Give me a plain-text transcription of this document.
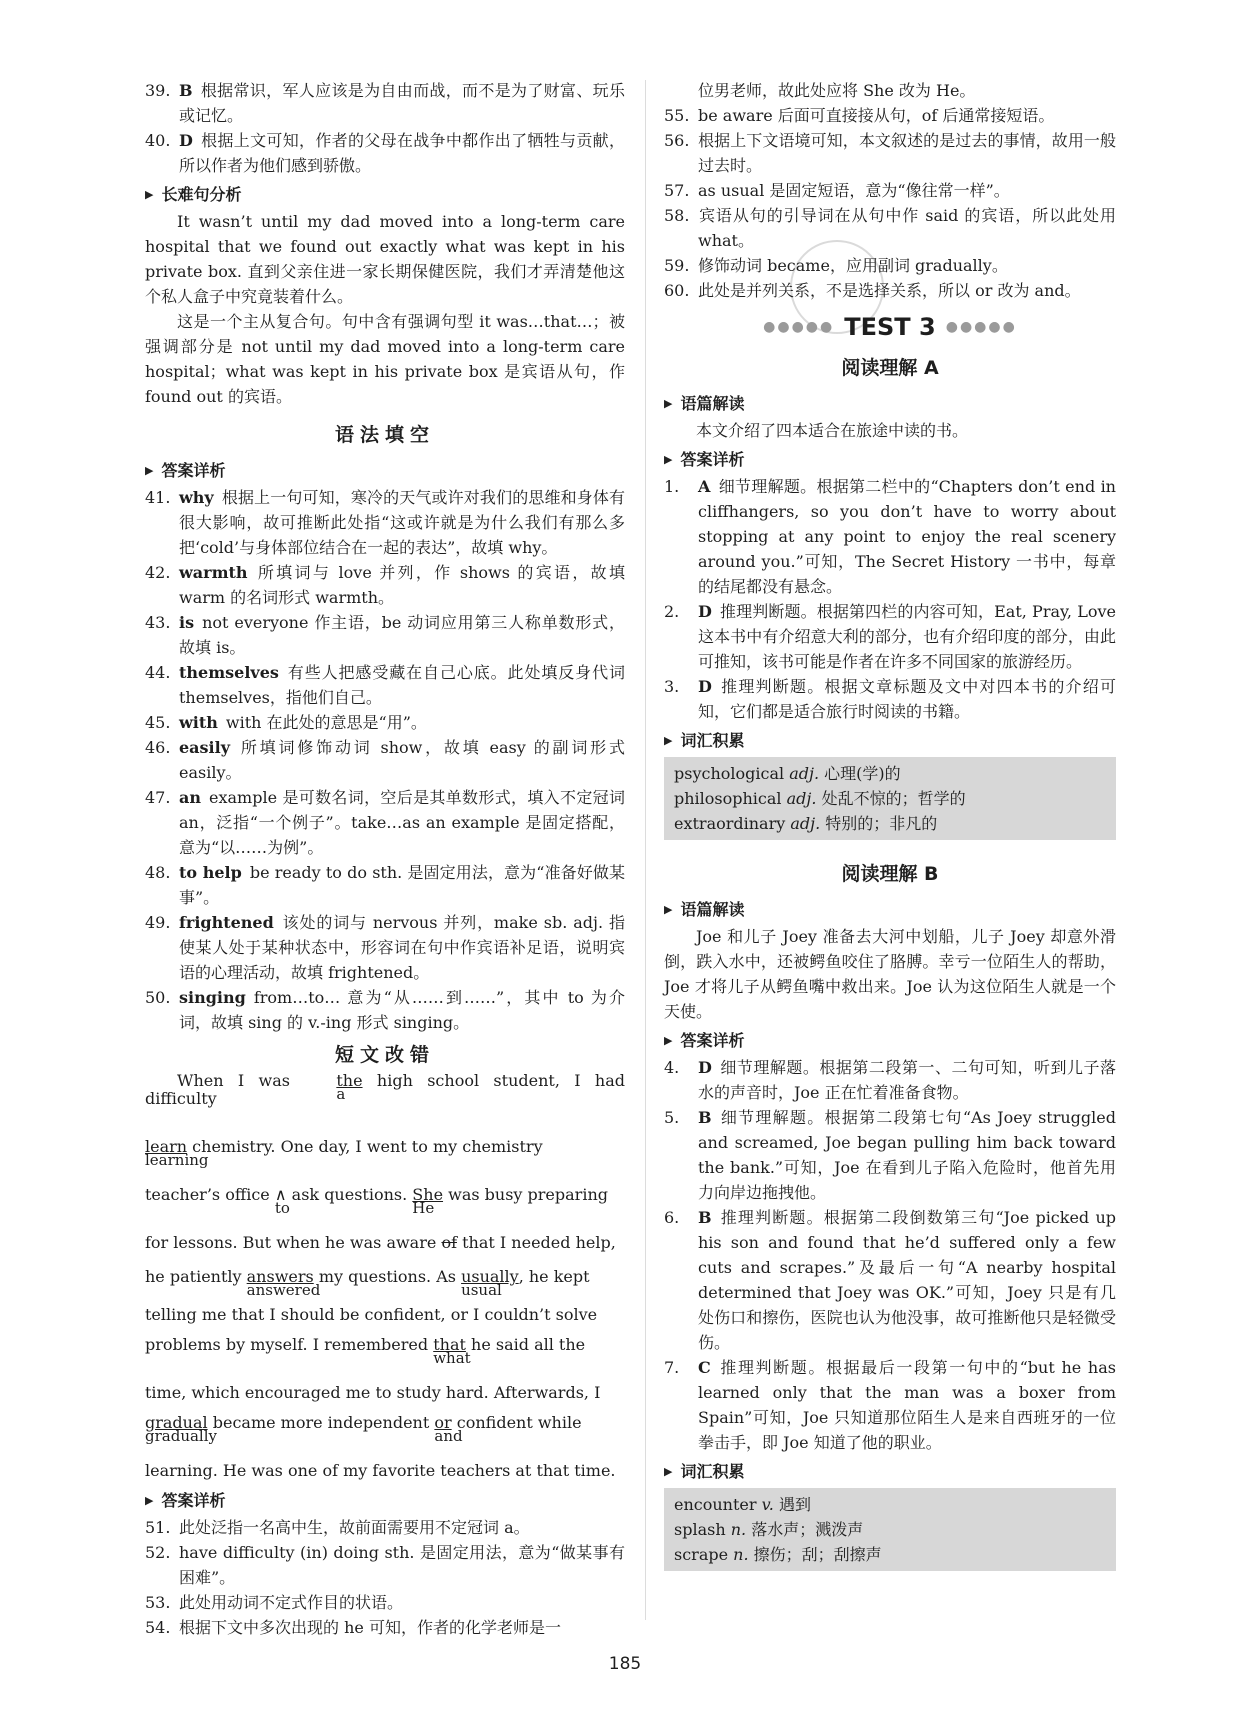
39. B 根据常识，军人应该是为自由而战，而不是为了财富、玩乐或记忆。

40. D 根据上文可知，作者的父母在战争中都作出了牺牲与贡献，所以作者为他们感到骄傲。

▶ 长难句分析

It wasn’t until my dad moved into a long-term care hospital that we found out exactly what was kept in his private box. 直到父亲住进一家长期保健医院，我们才弄清楚他这个私人盒子中究竟装着什么。

这是一个主从复合句。句中含有强调句型 it was…that…；被强调部分是 not until my dad moved into a long-term care hospital；what was kept in his private box 是宾语从句，作 found out 的宾语。

语法填空
▶ 答案详析

41. why 根据上一句可知，寒冷的天气或许对我们的思维和身体有很大影响，故可推断此处指“这或许就是为什么我们有那么多把‘cold’与身体部位结合在一起的表达”，故填 why。

42. warmth 所填词与 love 并列，作 shows 的宾语，故填 warm 的名词形式 warmth。

43. is not everyone 作主语，be 动词应用第三人称单数形式，故填 is。

44. themselves 有些人把感受藏在自己心底。此处填反身代词 themselves，指他们自己。

45. with with 在此处的意思是“用”。

46. easily 所填词修饰动词 show，故填 easy 的副词形式 easily。

47. an example 是可数名词，空后是其单数形式，填入不定冠词 an，泛指“一个例子”。take…as an example 是固定搭配，意为“以……为例”。

48. to help be ready to do sth. 是固定用法，意为“准备好做某事”。

49. frightened 该处的词与 nervous 并列，make sb. adj. 指使某人处于某种状态中，形容词在句中作宾语补足语，说明宾语的心理活动，故填 frightened。

50. singing from…to… 意为“从……到……”，其中 to 为介词，故填 sing 的 v.-ing 形式 singing。

短文改错
When I was	the
a
high school student, I had difficulty
learn
learning
chemistry. One day, I went to my chemistry
teacher’s office ∧
to
ask questions. She
He
was busy preparing
for lessons. But when he was aware of that I needed help,
he patiently answers
answered
my questions. As usually
usual
, he kept
telling me that I should be confident, or I couldn’t solve
problems by myself. I remembered that
what
he said all the
time, which encouraged me to study hard. Afterwards, I
gradual
gradually
became more independent or
and
confident while
learning. He was one of my favorite teachers at that time.
▶ 答案详析

51. 此处泛指一名高中生，故前面需要用不定冠词 a。

52. have difficulty (in) doing sth. 是固定用法，意为“做某事有困难”。

53. 此处用动词不定式作目的状语。

54. 根据下文中多次出现的 he 可知，作者的化学老师是一

位男老师，故此处应将 She 改为 He。

55. be aware 后面可直接接从句，of 后通常接短语。

56. 根据上下文语境可知，本文叙述的是过去的事情，故用一般过去时。

57. as usual 是固定短语，意为“像往常一样”。

58. 宾语从句的引导词在从句中作 said 的宾语，所以此处用 what。

59. 修饰动词 became，应用副词 gradually。

60. 此处是并列关系，不是选择关系，所以 or 改为 and。

●●●●● TEST 3 ●●●●●
阅读理解 A
▶ 语篇解读

本文介绍了四本适合在旅途中读的书。

▶ 答案详析

1. A 细节理解题。根据第二栏中的“Chapters don’t end in cliffhangers, so you don’t have to worry about stopping at any point to enjoy the real scenery around you.”可知，The Secret History 一书中，每章的结尾都没有悬念。

2. D 推理判断题。根据第四栏的内容可知，Eat, Pray, Love 这本书中有介绍意大利的部分，也有介绍印度的部分，由此可推知，该书可能是作者在许多不同国家的旅游经历。

3. D 推理判断题。根据文章标题及文中对四本书的介绍可知，它们都是适合旅行时阅读的书籍。

▶ 词汇积累

psychological adj. 心理(学)的

philosophical adj. 处乱不惊的；哲学的

extraordinary adj. 特别的；非凡的

阅读理解 B
▶ 语篇解读

Joe 和儿子 Joey 准备去大河中划船，儿子 Joey 却意外滑倒，跌入水中，还被鳄鱼咬住了胳膊。幸亏一位陌生人的帮助，Joe 才将儿子从鳄鱼嘴中救出来。Joe 认为这位陌生人就是一个天使。

▶ 答案详析

4. D 细节理解题。根据第二段第一、二句可知，听到儿子落水的声音时，Joe 正在忙着准备食物。

5. B 细节理解题。根据第二段第七句“As Joey struggled and screamed, Joe began pulling him back toward the bank.”可知，Joe 在看到儿子陷入危险时，他首先用力向岸边拖拽他。

6. B 推理判断题。根据第二段倒数第三句“Joe picked up his son and found that he’d suffered only a few cuts and scrapes.”及最后一句“A nearby hospital determined that Joey was OK.”可知，Joey 只是有几处伤口和擦伤，医院也认为他没事，故可推断他只是轻微受伤。

7. C 推理判断题。根据最后一段第一句中的“but he has learned only that the man was a boxer from Spain”可知，Joe 只知道那位陌生人是来自西班牙的一位拳击手，即 Joe 知道了他的职业。

▶ 词汇积累

encounter v. 遇到

splash n. 落水声；溅泼声

scrape n. 擦伤；刮；刮擦声

185
